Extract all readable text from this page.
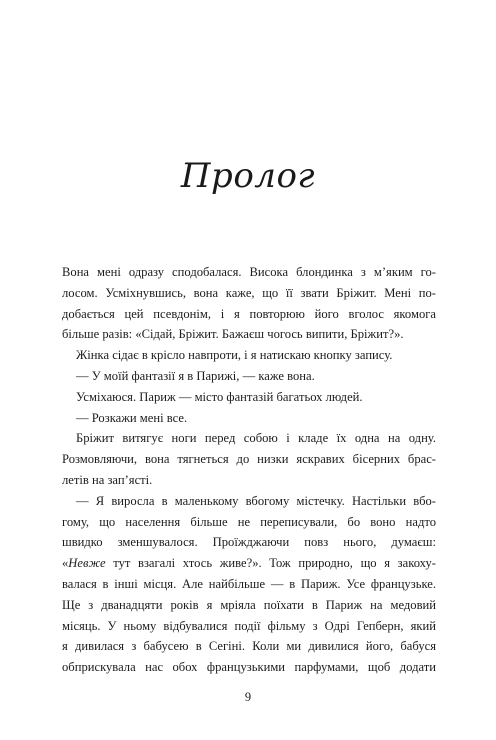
Пролог
Вона мені одразу сподобалася. Висока блондинка з м’яким го-
лосом. Усміхнувшись, вона каже, що її звати Бріжит. Мені по-
добається цей псевдонім, і я повторюю його вголос якомога
більше разів: «Сідай, Бріжит. Бажаєш чогось випити, Бріжит?».
Жінка сідає в крісло навпроти, і я натискаю кнопку запису.
— У моїй фантазії я в Парижі, — каже вона.
Усміхаюся. Париж — місто фантазій багатьох людей.
— Розкажи мені все.
Бріжит витягує ноги перед собою і кладе їх одна на одну.
Розмовляючи, вона тягнеться до низки яскравих бісерних брас-
летів на зап’ясті.
— Я виросла в маленькому вбогому містечку. Настільки вбо-
гому, що населення більше не переписували, бо воно надто
швидко зменшувалося. Проїжджаючи повз нього, думаєш:
«Невже тут взагалі хтось живе?». Тож природно, що я закоху-
валася в інші місця. Але найбільше — в Париж. Усе французьке.
Ще з дванадцяти років я мріяла поїхати в Париж на медовий
місяць. У ньому відбувалися події фільму з Одрі Гепберн, який
я дивилася з бабусею в Сегіні. Коли ми дивилися його, бабуся
обприскувала нас обох французькими парфумами, щоб додати
9
